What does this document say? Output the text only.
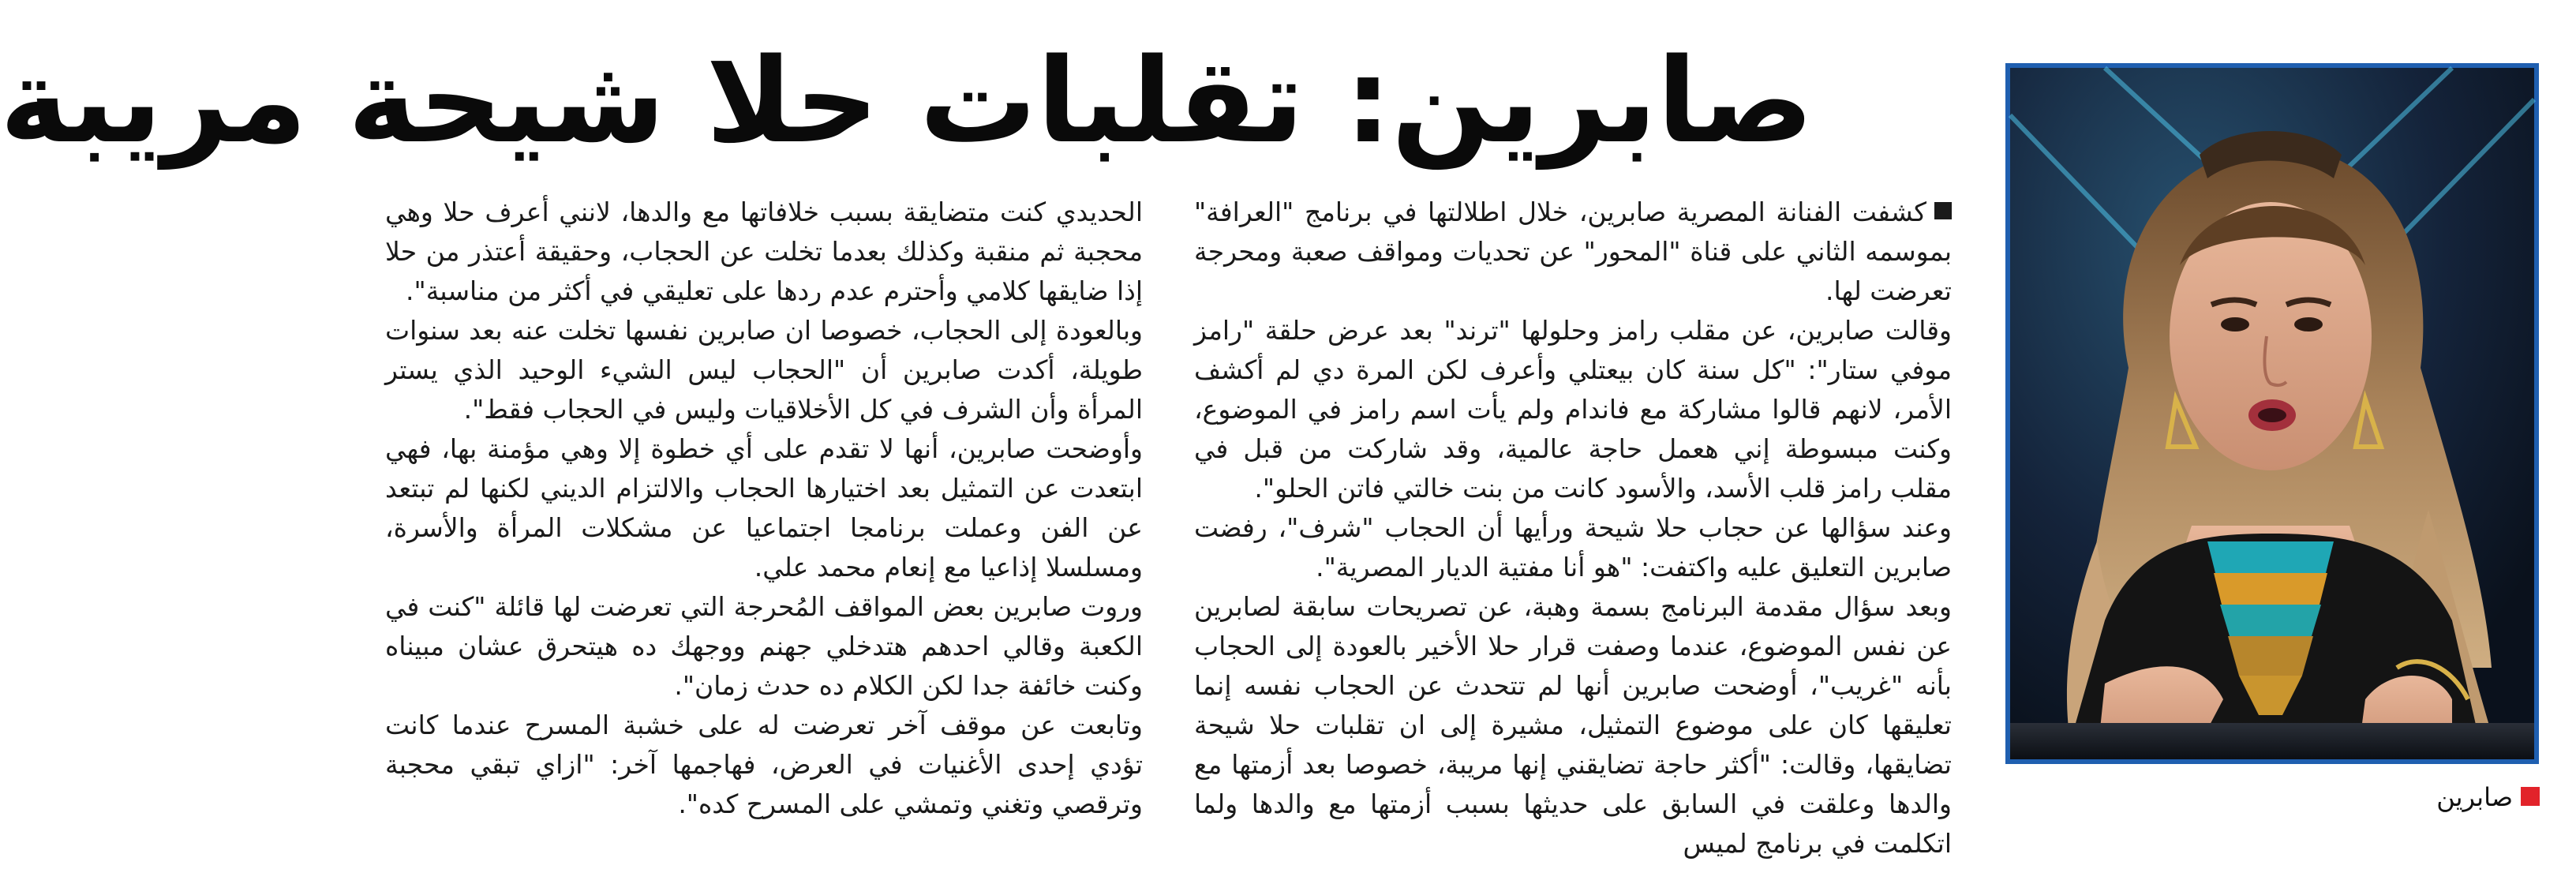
صابرين: تقلبات حلا شيحة مريبة

كشفت الفنانة المصرية صابرين، خلال اطلالتها في برنامج "العرافة" بموسمه الثاني على قناة "المحور" عن تحديات ومواقف صعبة ومحرجة تعرضت لها.

وقالت صابرين، عن مقلب رامز وحلولها "ترند" بعد عرض حلقة "رامز موفي ستار": "كل سنة كان بيعتلي وأعرف لكن المرة دي لم أكشف الأمر، لانهم قالوا مشاركة مع فاندام ولم يأت اسم رامز في الموضوع، وكنت مبسوطة إني هعمل حاجة عالمية، وقد شاركت من قبل في مقلب رامز قلب الأسد، والأسود كانت من بنت خالتي فاتن الحلو".

وعند سؤالها عن حجاب حلا شيحة ورأيها أن الحجاب "شرف"، رفضت صابرين التعليق عليه واكتفت: "هو أنا مفتية الديار المصرية".

وبعد سؤال مقدمة البرنامج بسمة وهبة، عن تصريحات سابقة لصابرين عن نفس الموضوع، عندما وصفت قرار حلا الأخير بالعودة إلى الحجاب بأنه "غريب"، أوضحت صابرين أنها لم تتحدث عن الحجاب نفسه إنما تعليقها كان على موضوع التمثيل، مشيرة إلى ان تقلبات حلا شيحة تضايقها، وقالت: "أكثر حاجة تضايقني إنها مريبة، خصوصا بعد أزمتها مع والدها وعلقت في السابق على حديثها بسبب أزمتها مع والدها ولما اتكلمت في برنامج لميس

الحديدي كنت متضايقة بسبب خلافاتها مع والدها، لانني أعرف حلا وهي محجبة ثم منقبة وكذلك بعدما تخلت عن الحجاب، وحقيقة أعتذر من حلا إذا ضايقها كلامي وأحترم عدم ردها على تعليقي في أكثر من مناسبة".

وبالعودة إلى الحجاب، خصوصا ان صابرين نفسها تخلت عنه بعد سنوات طويلة، أكدت صابرين أن "الحجاب ليس الشيء الوحيد الذي يستر المرأة وأن الشرف في كل الأخلاقيات وليس في الحجاب فقط".

وأوضحت صابرين، أنها لا تقدم على أي خطوة إلا وهي مؤمنة بها، فهي ابتعدت عن التمثيل بعد اختيارها الحجاب والالتزام الديني لكنها لم تبتعد عن الفن وعملت برنامجا اجتماعيا عن مشكلات المرأة والأسرة، ومسلسلا إذاعيا مع إنعام محمد علي.

وروت صابرين بعض المواقف المُحرجة التي تعرضت لها قائلة "كنت في الكعبة وقالي احدهم هتدخلي جهنم ووجهك ده هيتحرق عشان مبيناه وكنت خائفة جدا لكن الكلام ده حدث زمان".

وتابعت عن موقف آخر تعرضت له على خشبة المسرح عندما كانت تؤدي إحدى الأغنيات في العرض، فهاجمها آخر: "ازاي تبقي محجبة وترقصي وتغني وتمشي على المسرح كده".	صابرين
